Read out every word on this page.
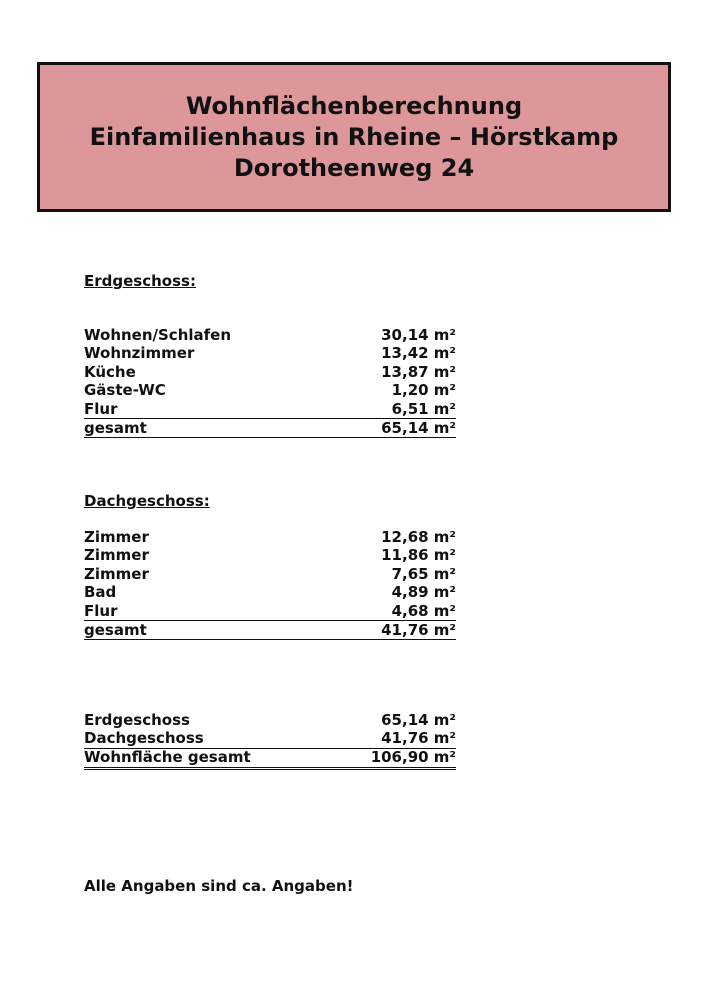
Wohnflächenberechnung
Einfamilienhaus in Rheine – Hörstkamp
Dorotheenweg 24
Erdgeschoss:
Wohnen/Schlafen	30,14 m²
Wohnzimmer	13,42 m²
Küche	13,87 m²
Gäste-WC	1,20 m²
Flur	6,51 m²
gesamt	65,14 m²
Dachgeschoss:
Zimmer	12,68 m²
Zimmer	11,86 m²
Zimmer	7,65 m²
Bad	4,89 m²
Flur	4,68 m²
gesamt	41,76 m²
Erdgeschoss	65,14 m²
Dachgeschoss	41,76 m²
Wohnfläche gesamt	106,90 m²
Alle Angaben sind ca. Angaben!
